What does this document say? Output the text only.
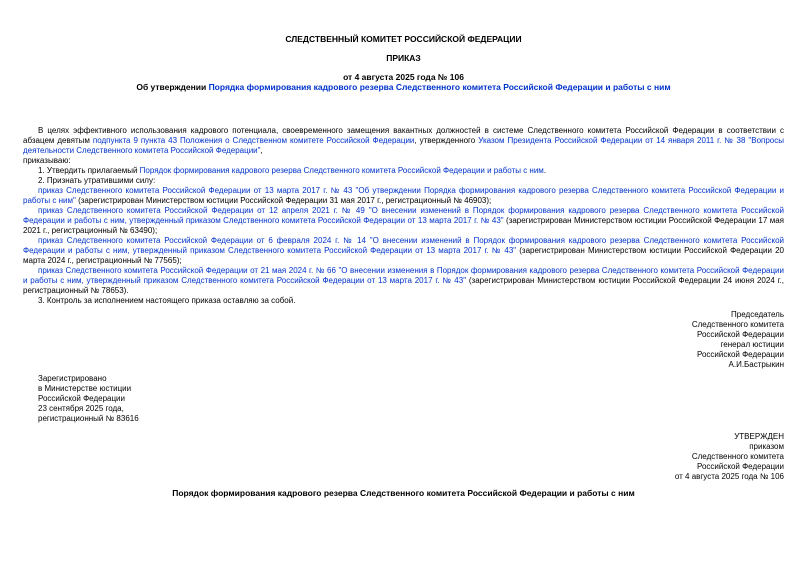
СЛЕДСТВЕННЫЙ КОМИТЕТ РОССИЙСКОЙ ФЕДЕРАЦИИ

ПРИКАЗ

от 4 августа 2025 года № 106

Об утверждении Порядка формирования кадрового резерва Следственного комитета Российской Федерации и работы с ним

В целях эффективного использования кадрового потенциала, своевременного замещения вакантных должностей в системе Следственного комитета Российской Федерации в соответствии с абзацем девятым подпункта 9 пункта 43 Положения о Следственном комитете Российской Федерации, утвержденного Указом Президента Российской Федерации от 14 января 2011 г. № 38 "Вопросы деятельности Следственного комитета Российской Федерации",

приказываю:

1. Утвердить прилагаемый Порядок формирования кадрового резерва Следственного комитета Российской Федерации и работы с ним.

2. Признать утратившими силу:

приказ Следственного комитета Российской Федерации от 13 марта 2017 г. № 43 "Об утверждении Порядка формирования кадрового резерва Следственного комитета Российской Федерации и работы с ним" (зарегистрирован Министерством юстиции Российской Федерации 31 мая 2017 г., регистрационный № 46903);

приказ Следственного комитета Российской Федерации от 12 апреля 2021 г. № 49 "О внесении изменений в Порядок формирования кадрового резерва Следственного комитета Российской Федерации и работы с ним, утвержденный приказом Следственного комитета Российской Федерации от 13 марта 2017 г. № 43" (зарегистрирован Министерством юстиции Российской Федерации 17 мая 2021 г., регистрационный № 63490);

приказ Следственного комитета Российской Федерации от 6 февраля 2024 г. № 14 "О внесении изменений в Порядок формирования кадрового резерва Следственного комитета Российской Федерации и работы с ним, утвержденный приказом Следственного комитета Российской Федерации от 13 марта 2017 г. № 43" (зарегистрирован Министерством юстиции Российской Федерации 20 марта 2024 г., регистрационный № 77565);

приказ Следственного комитета Российской Федерации от 21 мая 2024 г. № 66 "О внесении изменения в Порядок формирования кадрового резерва Следственного комитета Российской Федерации и работы с ним, утвержденный приказом Следственного комитета Российской Федерации от 13 марта 2017 г. № 43" (зарегистрирован Министерством юстиции Российской Федерации 24 июня 2024 г., регистрационный № 78653).

3. Контроль за исполнением настоящего приказа оставляю за собой.

Председатель
Следственного комитета
Российской Федерации
генерал юстиции
Российской Федерации
А.И.Бастрыкин
Зарегистрировано
в Министерстве юстиции
Российской Федерации
23 сентября 2025 года,
регистрационный № 83616
УТВЕРЖДЕН
приказом
Следственного комитета
Российской Федерации
от 4 августа 2025 года № 106

Порядок формирования кадрового резерва Следственного комитета Российской Федерации и работы с ним
